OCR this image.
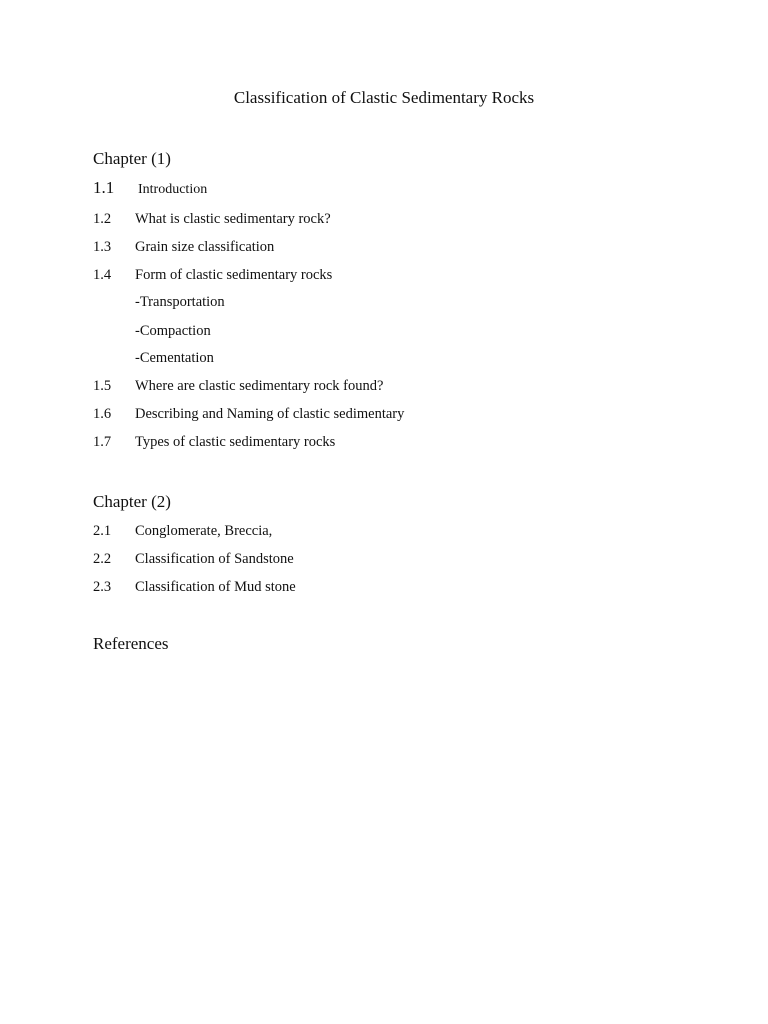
Classification of Clastic Sedimentary Rocks
Chapter (1)
1.1 Introduction
1.2 What is clastic sedimentary rock?
1.3 Grain size classification
1.4 Form of clastic sedimentary rocks
-Transportation
-Compaction
-Cementation
1.5 Where are clastic sedimentary rock found?
1.6 Describing and Naming of clastic sedimentary
1.7 Types of clastic sedimentary rocks
Chapter (2)
2.1 Conglomerate, Breccia,
2.2 Classification of Sandstone
2.3 Classification of Mud stone
References
